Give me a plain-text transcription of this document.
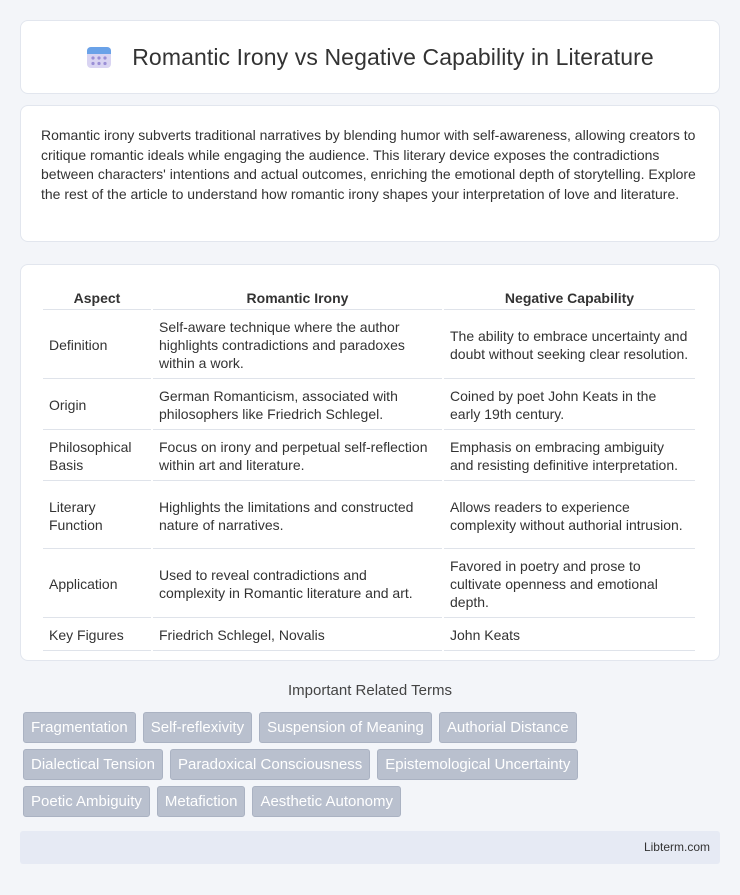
Romantic Irony vs Negative Capability in Literature

Romantic irony subverts traditional narratives by blending humor with self-awareness, allowing creators to critique romantic ideals while engaging the audience. This literary device exposes the contradictions between characters' intentions and actual outcomes, enriching the emotional depth of storytelling. Explore the rest of the article to understand how romantic irony shapes your interpretation of love and literature.

Aspect	Romantic Irony	Negative Capability
Definition	Self-aware technique where the author highlights contradictions and paradoxes within a work.	The ability to embrace uncertainty and doubt without seeking clear resolution.
Origin	German Romanticism, associated with philosophers like Friedrich Schlegel.	Coined by poet John Keats in the early 19th century.
Philosophical Basis	Focus on irony and perpetual self-reflection within art and literature.	Emphasis on embracing ambiguity and resisting definitive interpretation.
Literary Function	Highlights the limitations and constructed nature of narratives.	Allows readers to experience complexity without authorial intrusion.
Application	Used to reveal contradictions and complexity in Romantic literature and art.	Favored in poetry and prose to cultivate openness and emotional depth.
Key Figures	Friedrich Schlegel, Novalis	John Keats
Important Related Terms
Fragmentation	Self-reflexivity	Suspension of Meaning	Authorial Distance
Dialectical Tension	Paradoxical Consciousness	Epistemological Uncertainty
Poetic Ambiguity	Metafiction	Aesthetic Autonomy
Libterm.com
